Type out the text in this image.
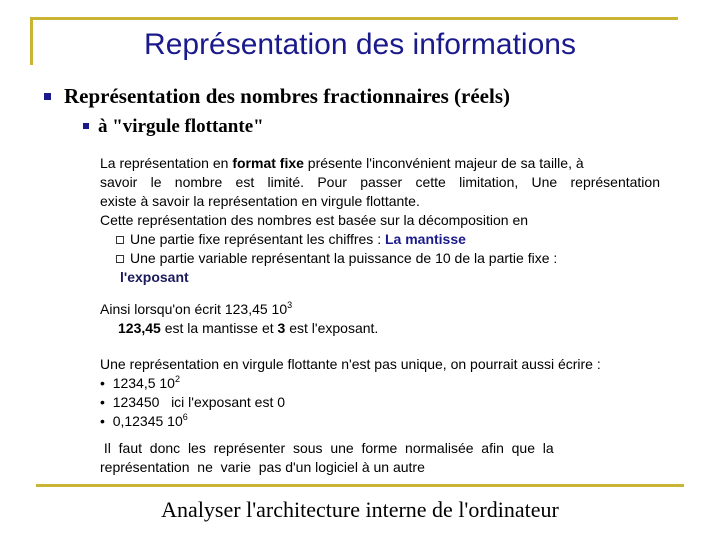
Représentation des informations
Représentation des nombres fractionnaires (réels)
à "virgule flottante"

La représentation en format fixe présente l'inconvénient majeur de sa taille, à

savoir le nombre est limité. Pour passer cette limitation, Une représentation

existe à savoir la représentation en virgule flottante.

Cette représentation des nombres est basée sur la décomposition en

Une partie fixe représentant les chiffres : La mantisse

Une partie variable représentant la puissance de 10 de la partie fixe :

l'exposant

Ainsi lorsqu'on écrit 123,45 $10^3$

123,45 est la mantisse et 3 est l'exposant.

Une représentation en virgule flottante n'est pas unique, on pourrait aussi écrire :

• 1234,5 $10^2$

• 123450   ici l'exposant est 0

• 0,12345 $10^6$

Il  faut  donc  les  représenter  sous  une  forme  normalisée  afin  que  la

représentation  ne  varie  pas d'un logiciel à un autre

Analyser l'architecture interne de l'ordinateur
